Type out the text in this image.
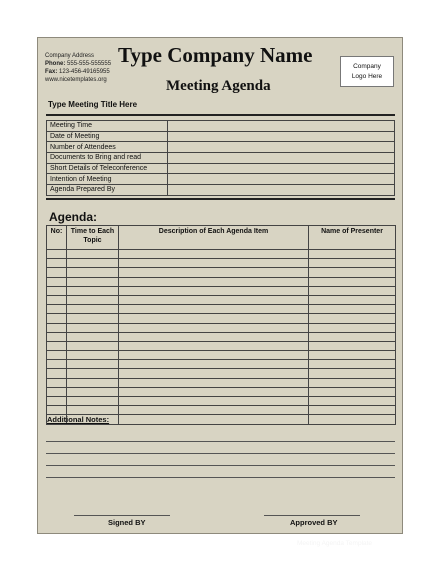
Company Address
Phone: 555-555-555555
Fax: 123-456-49165955
www.nicetemplates.org
Type Company Name	Company
Logo Here
Meeting Agenda
Type Meeting Title Here
Meeting Time	
Date of Meeting	
Number of Attendees	
Documents to Bring and read	
Short Details of Teleconference	
Intention of Meeting	
Agenda Prepared By	
Agenda:
No:	Time to Each Topic	Description of Each Agenda Item	Name of Presenter

Additional Notes:
Signed BY	Approved BY
Meeting Agenda Template
